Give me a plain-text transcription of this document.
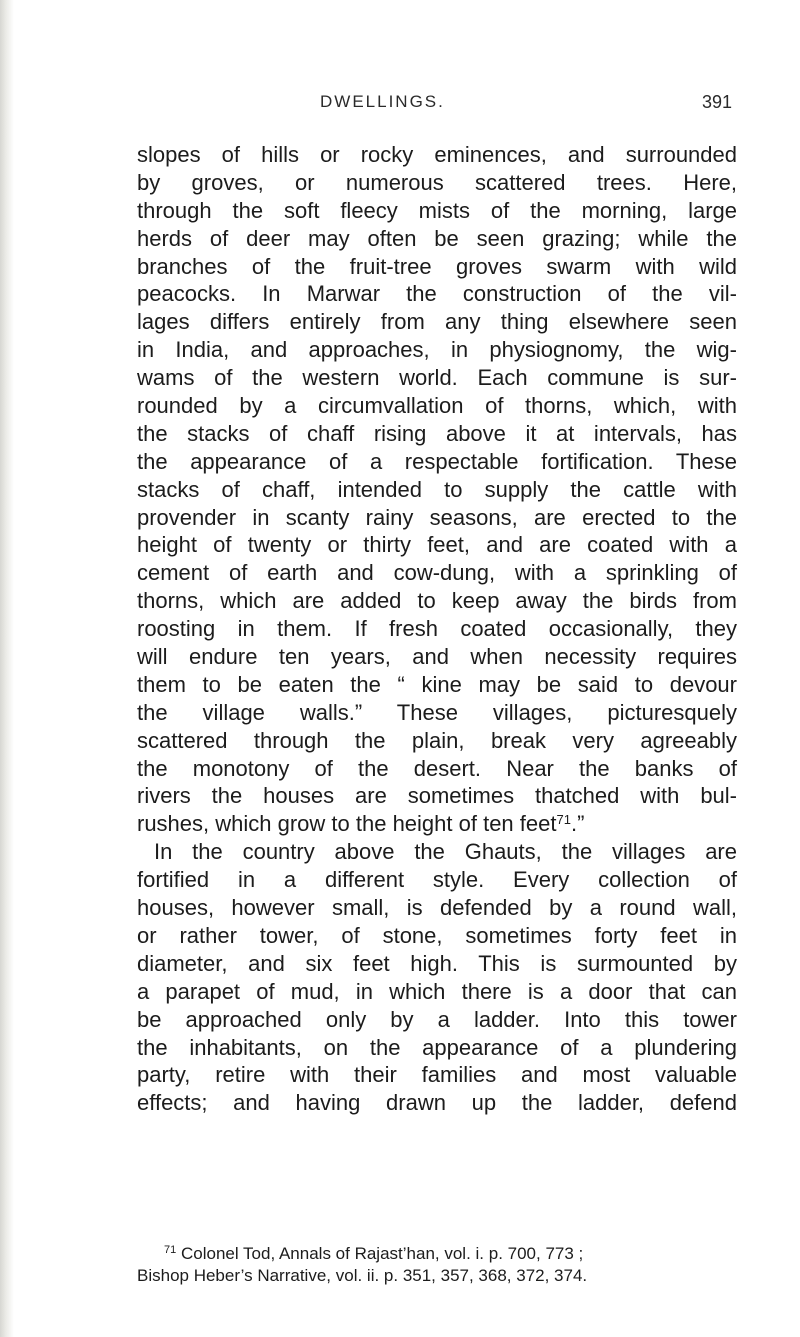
DWELLINGS.	391
slopes of hills or rocky eminences, and surrounded
by groves, or numerous scattered trees. Here,
through the soft fleecy mists of the morning, large
herds of deer may often be seen grazing; while the
branches of the fruit-tree groves swarm with wild
peacocks. In Marwar the construction of the vil-
lages differs entirely from any thing elsewhere seen
in India, and approaches, in physiognomy, the wig-
wams of the western world. Each commune is sur-
rounded by a circumvallation of thorns, which, with
the stacks of chaff rising above it at intervals, has
the appearance of a respectable fortification. These
stacks of chaff, intended to supply the cattle with
provender in scanty rainy seasons, are erected to the
height of twenty or thirty feet, and are coated with a
cement of earth and cow-dung, with a sprinkling of
thorns, which are added to keep away the birds from
roosting in them. If fresh coated occasionally, they
will endure ten years, and when necessity requires
them to be eaten the “ kine may be said to devour
the village walls.” These villages, picturesquely
scattered through the plain, break very agreeably
the monotony of the desert. Near the banks of
rivers the houses are sometimes thatched with bul-
rushes, which grow to the height of ten feet$^{71}$.”
In the country above the Ghauts, the villages are
fortified in a different style. Every collection of
houses, however small, is defended by a round wall,
or rather tower, of stone, sometimes forty feet in
diameter, and six feet high. This is surmounted by
a parapet of mud, in which there is a door that can
be approached only by a ladder. Into this tower
the inhabitants, on the appearance of a plundering
party, retire with their families and most valuable
effects; and having drawn up the ladder, defend
$^{71}$ Colonel Tod, Annals of Rajast’han, vol. i. p. 700, 773 ;
Bishop Heber’s Narrative, vol. ii. p. 351, 357, 368, 372, 374.
